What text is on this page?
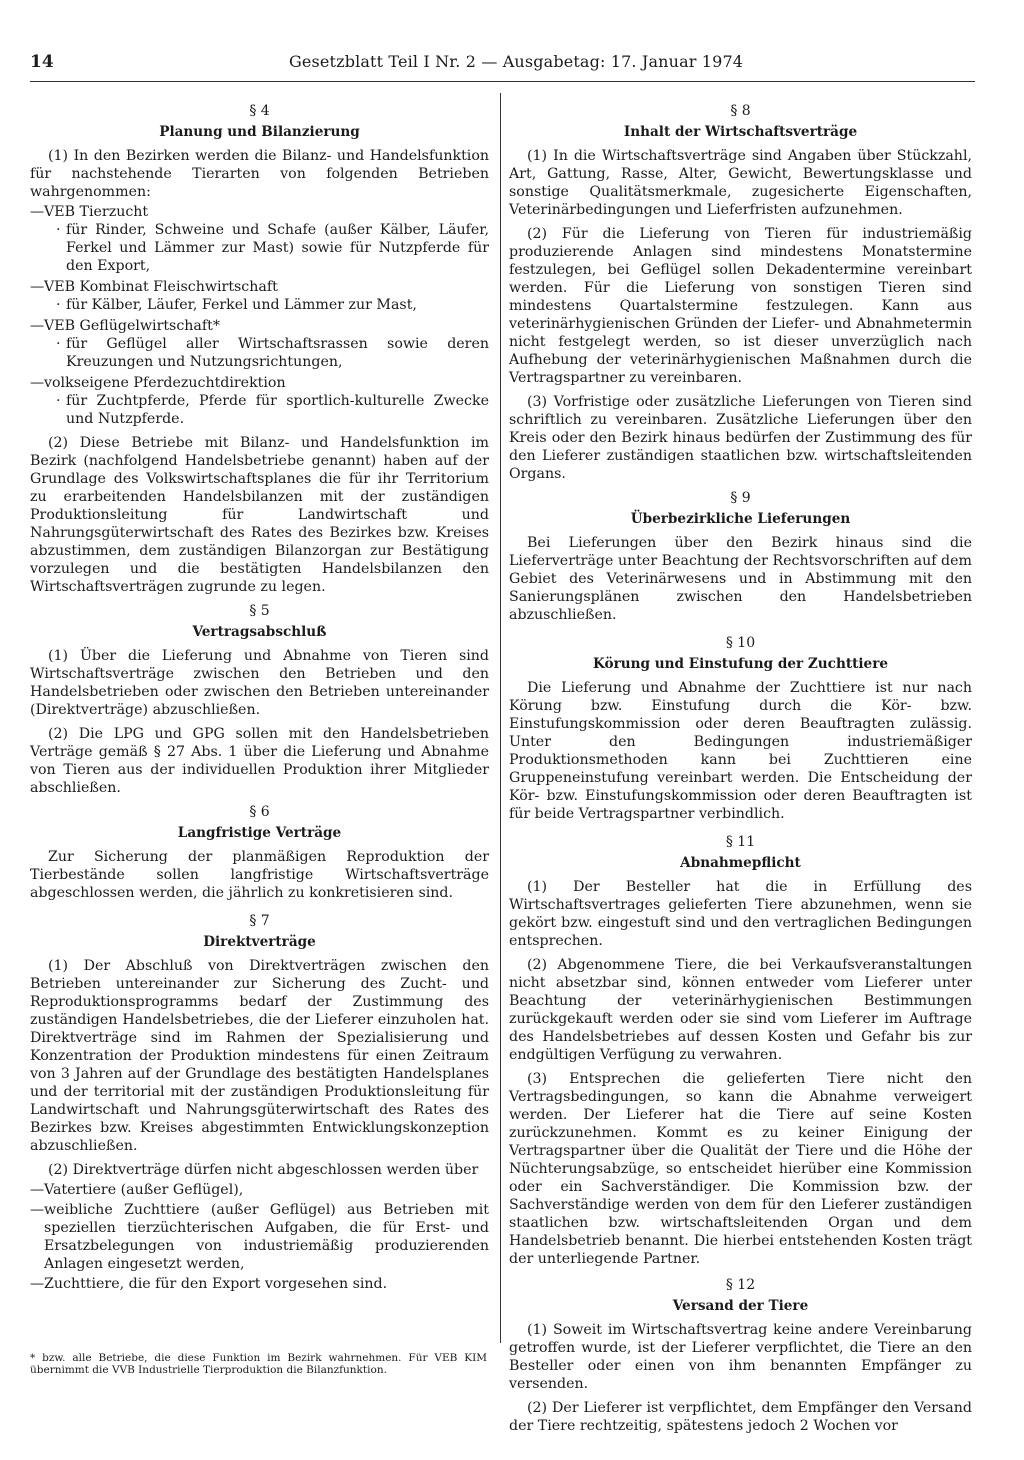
14	Gesetzblatt Teil I Nr. 2 — Ausgabetag: 17. Januar 1974
§ 4
Planung und Bilanzierung

(1) In den Bezirken werden die Bilanz- und Handelsfunktion für nachstehende Tierarten von folgenden Betrieben wahrgenommen:

— VEB Tierzucht
· für Rinder, Schweine und Schafe (außer Kälber, Läufer, Ferkel und Lämmer zur Mast) sowie für Nutzpferde für den Export,
— VEB Kombinat Fleischwirtschaft
· für Kälber, Läufer, Ferkel und Lämmer zur Mast,
— VEB Geflügelwirtschaft*
· für Geflügel aller Wirtschaftsrassen sowie deren Kreuzungen und Nutzungsrichtungen,
— volkseigene Pferdezuchtdirektion
· für Zuchtpferde, Pferde für sportlich-kulturelle Zwecke und Nutzpferde.

(2) Diese Betriebe mit Bilanz- und Handelsfunktion im Bezirk (nachfolgend Handelsbetriebe genannt) haben auf der Grundlage des Volkswirtschaftsplanes die für ihr Territorium zu erarbeitenden Handelsbilanzen mit der zuständigen Produktionsleitung für Landwirtschaft und Nahrungsgüterwirtschaft des Rates des Bezirkes bzw. Kreises abzustimmen, dem zuständigen Bilanzorgan zur Bestätigung vorzulegen und die bestätigten Handelsbilanzen den Wirtschaftsverträgen zugrunde zu legen.

§ 5
Vertragsabschluß

(1) Über die Lieferung und Abnahme von Tieren sind Wirtschaftsverträge zwischen den Betrieben und den Handelsbetrieben oder zwischen den Betrieben untereinander (Direktverträge) abzuschließen.

(2) Die LPG und GPG sollen mit den Handelsbetrieben Verträge gemäß § 27 Abs. 1 über die Lieferung und Abnahme von Tieren aus der individuellen Produktion ihrer Mitglieder abschließen.

§ 6
Langfristige Verträge

Zur Sicherung der planmäßigen Reproduktion der Tierbestände sollen langfristige Wirtschaftsverträge abgeschlossen werden, die jährlich zu konkretisieren sind.

§ 7
Direktverträge

(1) Der Abschluß von Direktverträgen zwischen den Betrieben untereinander zur Sicherung des Zucht- und Reproduktionsprogramms bedarf der Zustimmung des zuständigen Handelsbetriebes, die der Lieferer einzuholen hat. Direktverträge sind im Rahmen der Spezialisierung und Konzentration der Produktion mindestens für einen Zeitraum von 3 Jahren auf der Grundlage des bestätigten Handelsplanes und der territorial mit der zuständigen Produktionsleitung für Landwirtschaft und Nahrungsgüterwirtschaft des Rates des Bezirkes bzw. Kreises abgestimmten Entwicklungskonzeption abzuschließen.

(2) Direktverträge dürfen nicht abgeschlossen werden über

— Vatertiere (außer Geflügel),
— weibliche Zuchttiere (außer Geflügel) aus Betrieben mit speziellen tierzüchterischen Aufgaben, die für Erst- und Ersatzbelegungen von industriemäßig produzierenden Anlagen eingesetzt werden,
— Zuchttiere, die für den Export vorgesehen sind.
* bzw. alle Betriebe, die diese Funktion im Bezirk wahrnehmen. Für VEB KIM übernimmt die VVB Industrielle Tierproduktion die Bilanzfunktion.
§ 8
Inhalt der Wirtschaftsverträge

(1) In die Wirtschaftsverträge sind Angaben über Stückzahl, Art, Gattung, Rasse, Alter, Gewicht, Bewertungsklasse und sonstige Qualitätsmerkmale, zugesicherte Eigenschaften, Veterinärbedingungen und Lieferfristen aufzunehmen.

(2) Für die Lieferung von Tieren für industriemäßig produzierende Anlagen sind mindestens Monatstermine festzulegen, bei Geflügel sollen Dekadentermine vereinbart werden. Für die Lieferung von sonstigen Tieren sind mindestens Quartalstermine festzulegen. Kann aus veterinärhygienischen Gründen der Liefer- und Abnahmetermin nicht festgelegt werden, so ist dieser unverzüglich nach Aufhebung der veterinärhygienischen Maßnahmen durch die Vertragspartner zu vereinbaren.

(3) Vorfristige oder zusätzliche Lieferungen von Tieren sind schriftlich zu vereinbaren. Zusätzliche Lieferungen über den Kreis oder den Bezirk hinaus bedürfen der Zustimmung des für den Lieferer zuständigen staatlichen bzw. wirtschaftsleitenden Organs.

§ 9
Überbezirkliche Lieferungen

Bei Lieferungen über den Bezirk hinaus sind die Lieferverträge unter Beachtung der Rechtsvorschriften auf dem Gebiet des Veterinärwesens und in Abstimmung mit den Sanierungsplänen zwischen den Handelsbetrieben abzuschließen.

§ 10
Körung und Einstufung der Zuchttiere

Die Lieferung und Abnahme der Zuchttiere ist nur nach Körung bzw. Einstufung durch die Kör- bzw. Einstufungskommission oder deren Beauftragten zulässig. Unter den Bedingungen industriemäßiger Produktionsmethoden kann bei Zuchttieren eine Gruppeneinstufung vereinbart werden. Die Entscheidung der Kör- bzw. Einstufungskommission oder deren Beauftragten ist für beide Vertragspartner verbindlich.

§ 11
Abnahmepflicht

(1) Der Besteller hat die in Erfüllung des Wirtschaftsvertrages gelieferten Tiere abzunehmen, wenn sie gekört bzw. eingestuft sind und den vertraglichen Bedingungen entsprechen.

(2) Abgenommene Tiere, die bei Verkaufsveranstaltungen nicht absetzbar sind, können entweder vom Lieferer unter Beachtung der veterinärhygienischen Bestimmungen zurückgekauft werden oder sie sind vom Lieferer im Auftrage des Handelsbetriebes auf dessen Kosten und Gefahr bis zur endgültigen Verfügung zu verwahren.

(3) Entsprechen die gelieferten Tiere nicht den Vertragsbedingungen, so kann die Abnahme verweigert werden. Der Lieferer hat die Tiere auf seine Kosten zurückzunehmen. Kommt es zu keiner Einigung der Vertragspartner über die Qualität der Tiere und die Höhe der Nüchterungsabzüge, so entscheidet hierüber eine Kommission oder ein Sachverständiger. Die Kommission bzw. der Sachverständige werden von dem für den Lieferer zuständigen staatlichen bzw. wirtschaftsleitenden Organ und dem Handelsbetrieb benannt. Die hierbei entstehenden Kosten trägt der unterliegende Partner.

§ 12
Versand der Tiere

(1) Soweit im Wirtschaftsvertrag keine andere Vereinbarung getroffen wurde, ist der Lieferer verpflichtet, die Tiere an den Besteller oder einen von ihm benannten Empfänger zu versenden.

(2) Der Lieferer ist verpflichtet, dem Empfänger den Versand der Tiere rechtzeitig, spätestens jedoch 2 Wochen vor
